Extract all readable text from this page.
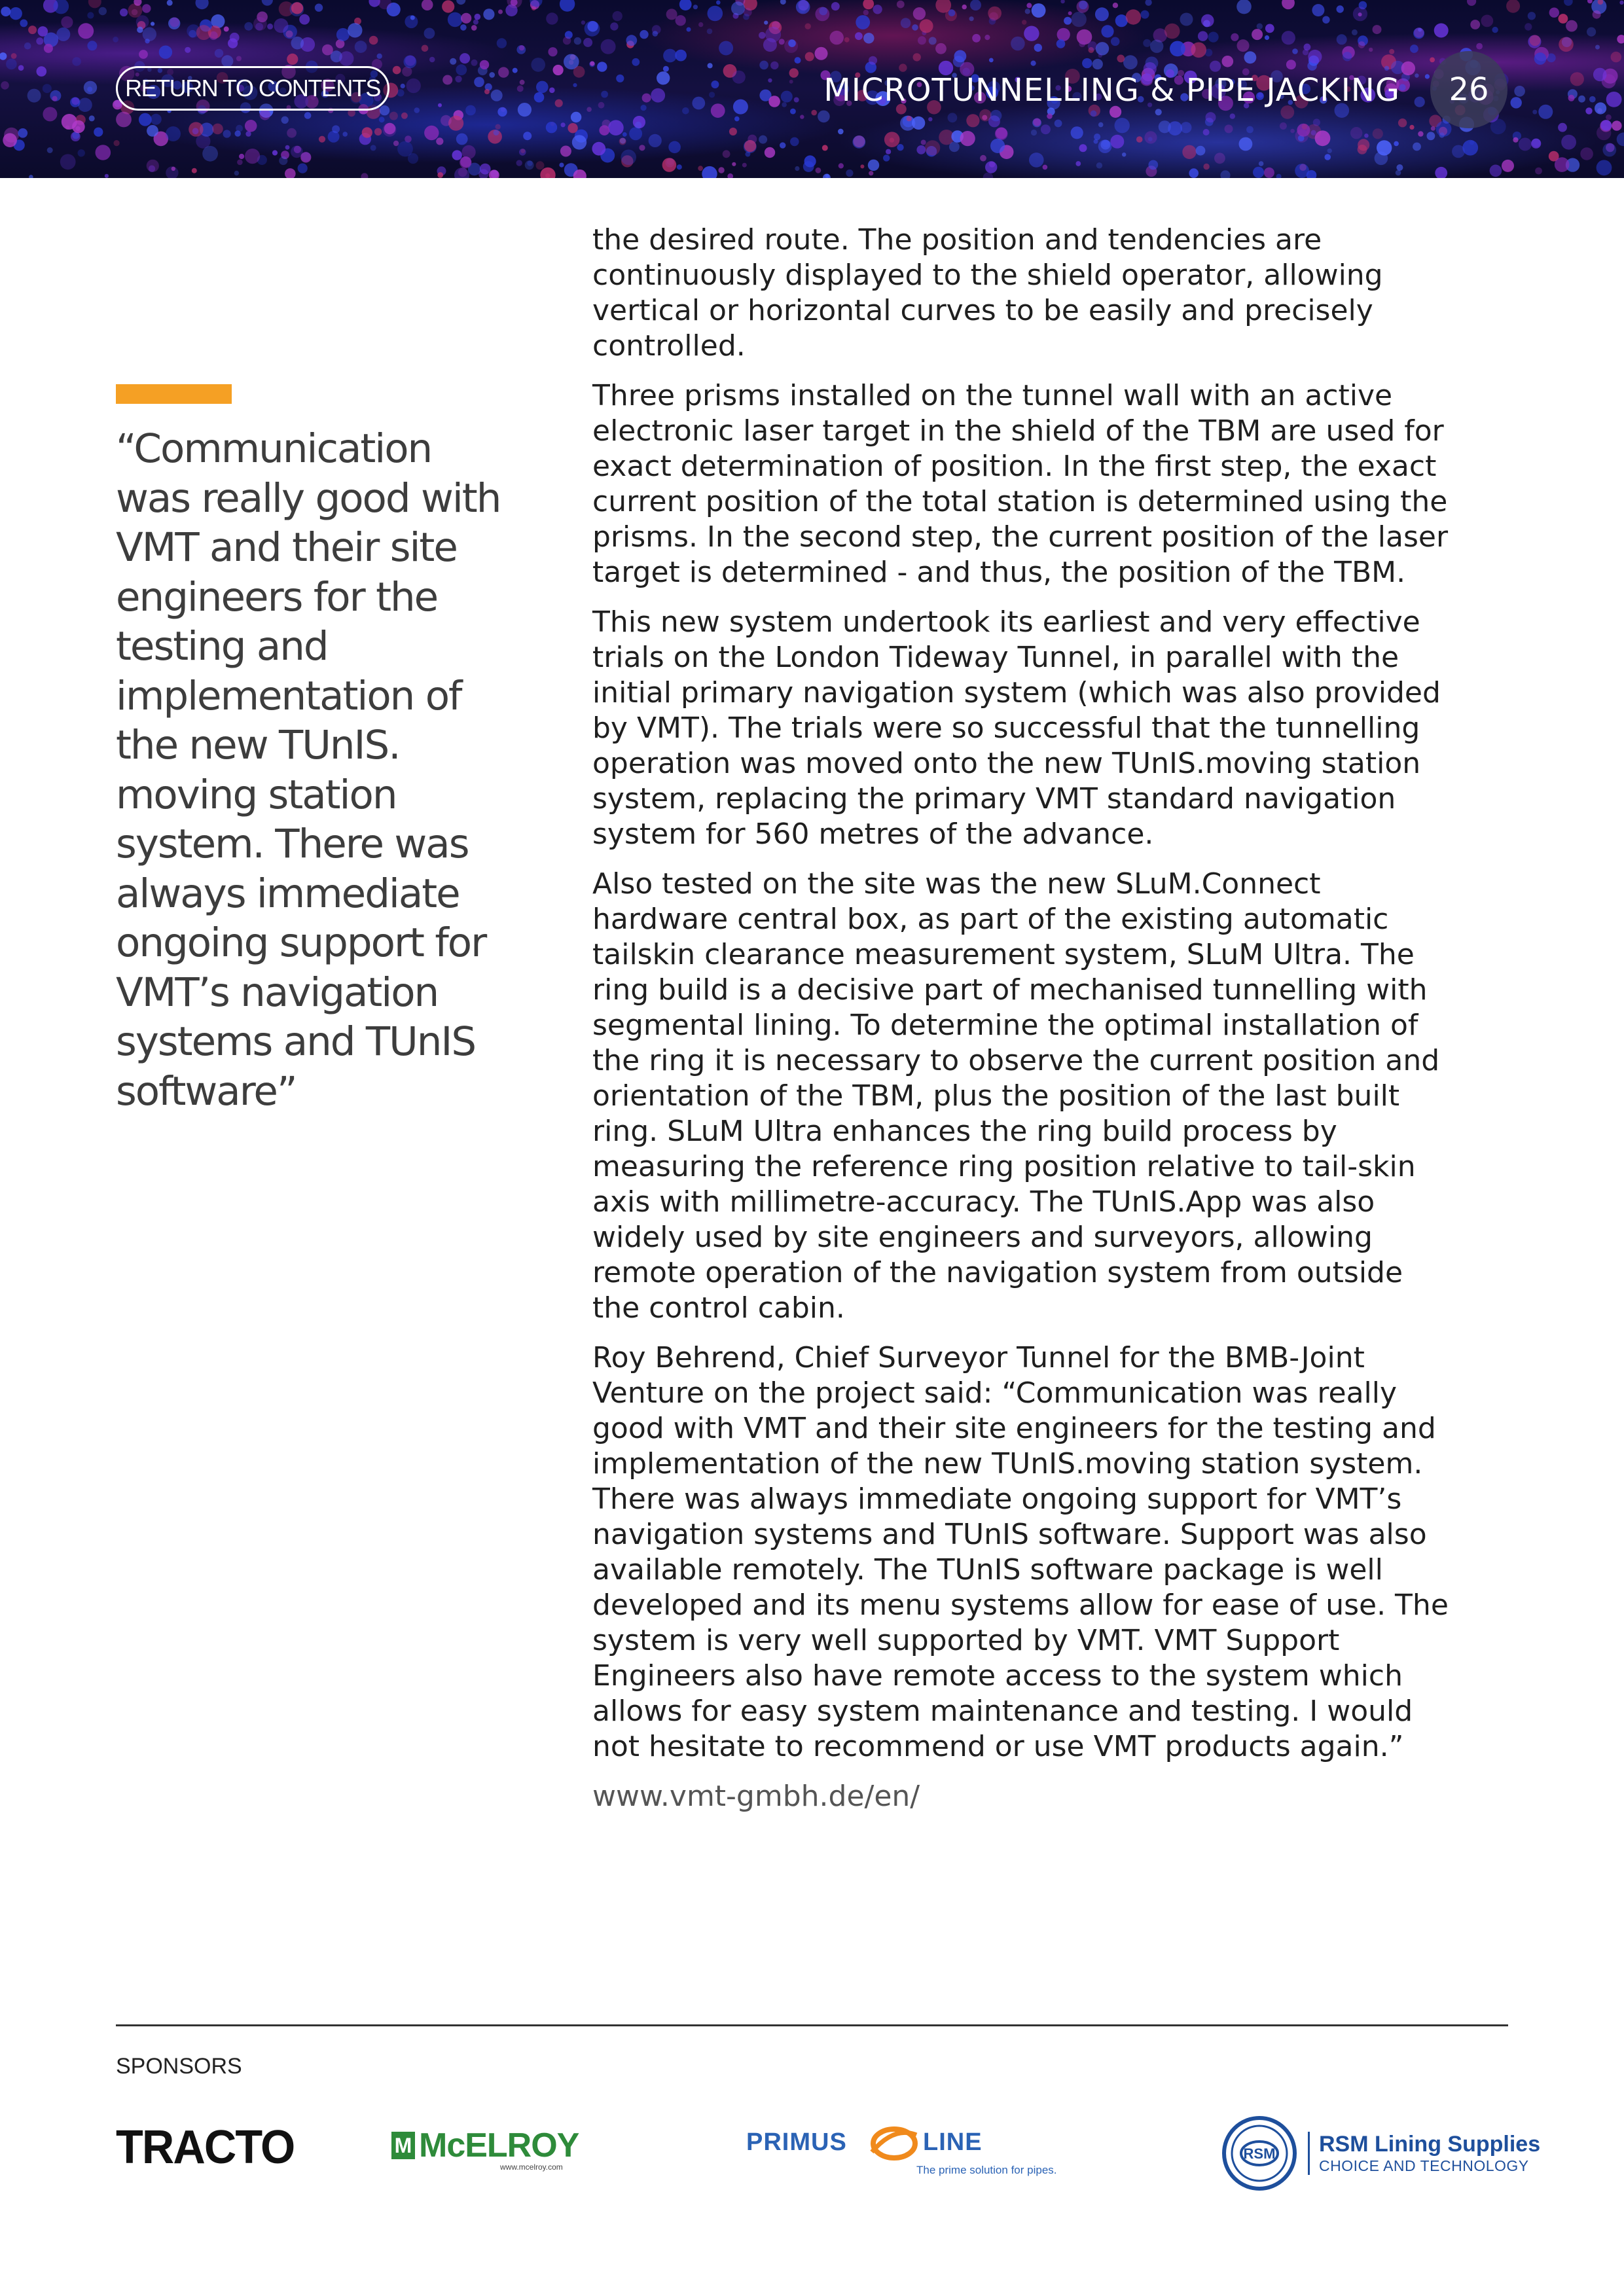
RETURN TO CONTENTS	MICROTUNNELLING & PIPE JACKING	26

“Communication was really good with VMT and their site engineers for the testing and implementation of the new TUnIS. moving station system. There was always immediate ongoing support for VMT’s navigation systems and TUnIS software”

the desired route. The position and tendencies are continuously displayed to the shield operator, allowing vertical or horizontal curves to be easily and precisely controlled.

Three prisms installed on the tunnel wall with an active electronic laser target in the shield of the TBM are used for exact determination of position. In the first step, the exact current position of the total station is determined using the prisms. In the second step, the current position of the laser target is determined - and thus, the position of the TBM.

This new system undertook its earliest and very effective trials on the London Tideway Tunnel, in parallel with the initial primary navigation system (which was also provided by VMT). The trials were so successful that the tunnelling operation was moved onto the new TUnIS.moving station system, replacing the primary VMT standard navigation system for 560 metres of the advance.

Also tested on the site was the new SLuM.Connect hardware central box, as part of the existing automatic tailskin clearance measurement system, SLuM Ultra. The ring build is a decisive part of mechanised tunnelling with segmental lining. To determine the optimal installation of the ring it is necessary to observe the current position and orientation of the TBM, plus the position of the last built ring. SLuM Ultra enhances the ring build process by measuring the reference ring position relative to tail-skin axis with millimetre-accuracy. The TUnIS.App was also widely used by site engineers and surveyors, allowing remote operation of the navigation system from outside the control cabin.

Roy Behrend, Chief Surveyor Tunnel for the BMB-Joint Venture on the project said: “Communication was really good with VMT and their site engineers for the testing and implementation of the new TUnIS.moving station system. There was always immediate ongoing support for VMT’s navigation systems and TUnIS software. Support was also available remotely. The TUnIS software package is well developed and its menu systems allow for ease of use. The system is very well supported by VMT. VMT Support Engineers also have remote access to the system which allows for easy system maintenance and testing. I would not hesitate to recommend or use VMT products again.”

www.vmt-gmbh.de/en/

SPONSORS
TRACTO	M McELROY
www.mcelroy.com
PRIMUS	LINE
The prime solution for pipes.
RSM RSM Lining Supplies
CHOICE AND TECHNOLOGY
